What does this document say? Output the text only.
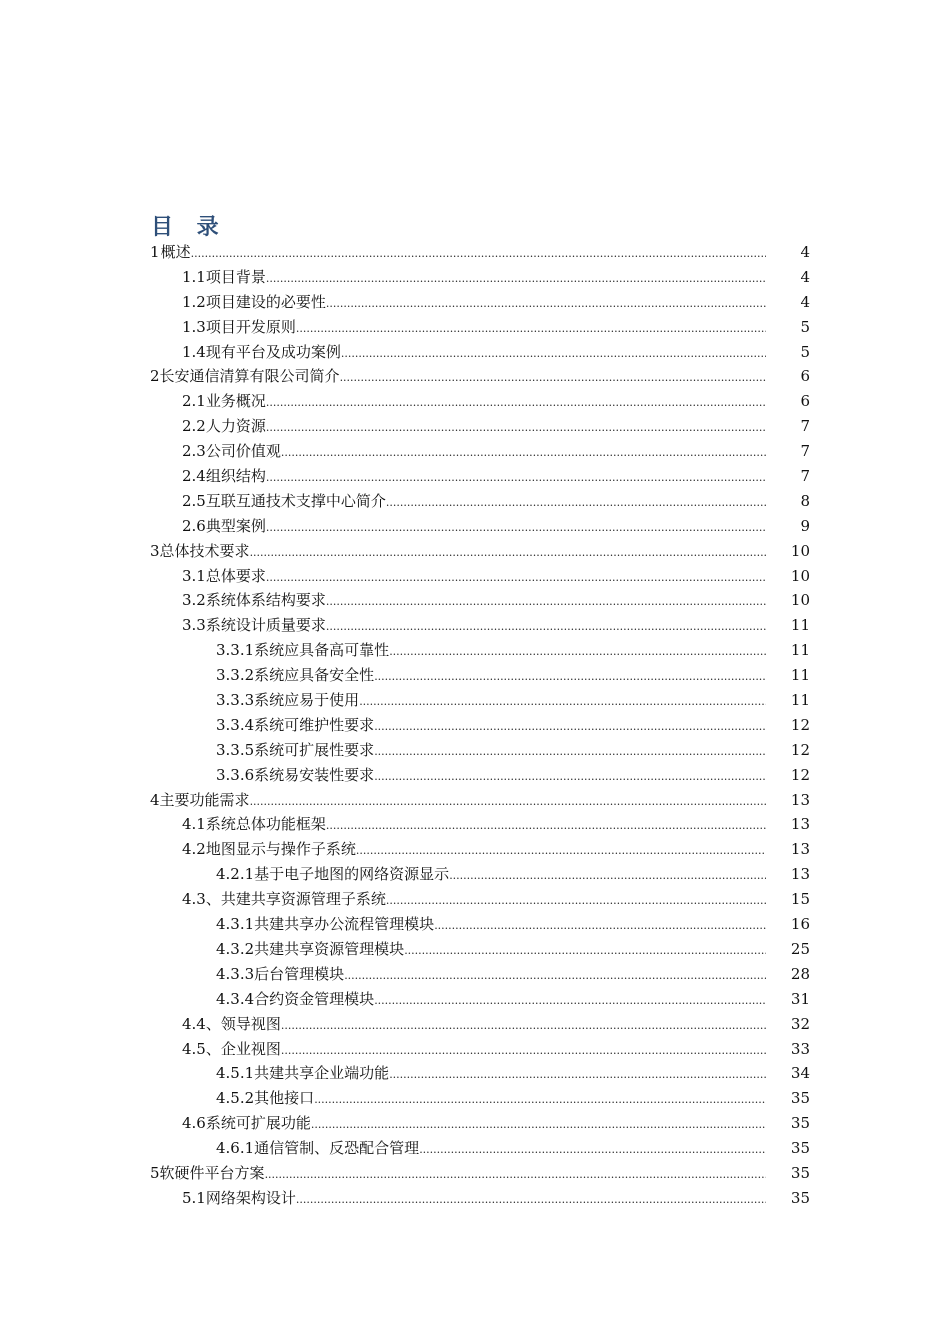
目 录
1 概述 .....	4
1.1 项目背景 .....	4
1.2 项目建设的必要性 .....	4
1.3 项目开发原则 .....	5
1.4 现有平台及成功案例 .....	5
2 长安通信清算有限公司简介 .....	6
2.1 业务概况 .....	6
2.2 人力资源 .....	7
2.3 公司价值观 .....	7
2.4 组织结构 .....	7
2.5 互联互通技术支撑中心简介 .....	8
2.6 典型案例 .....	9
3 总体技术要求 .....	10
3.1 总体要求 .....	10
3.2 系统体系结构要求 .....	10
3.3 系统设计质量要求 .....	11
3.3.1 系统应具备高可靠性 .....	11
3.3.2 系统应具备安全性 .....	11
3.3.3 系统应易于使用 .....	11
3.3.4 系统可维护性要求 .....	12
3.3.5 系统可扩展性要求 .....	12
3.3.6 系统易安装性要求 .....	12
4 主要功能需求 .....	13
4.1 系统总体功能框架 .....	13
4.2 地图显示与操作子系统 .....	13
4.2.1 基于电子地图的网络资源显示 .....	13
4.3 、共建共享资源管理子系统 .....	15
4.3.1 共建共享办公流程管理模块 .....	16
4.3.2 共建共享资源管理模块 .....	25
4.3.3 后台管理模块 .....	28
4.3.4 合约资金管理模块 .....	31
4.4 、领导视图 .....	32
4.5 、企业视图 .....	33
4.5.1 共建共享企业端功能 .....	34
4.5.2 其他接口 .....	35
4.6 系统可扩展功能 .....	35
4.6.1 通信管制、反恐配合管理 .....	35
5 软硬件平台方案 .....	35
5.1 网络架构设计 .....	35
